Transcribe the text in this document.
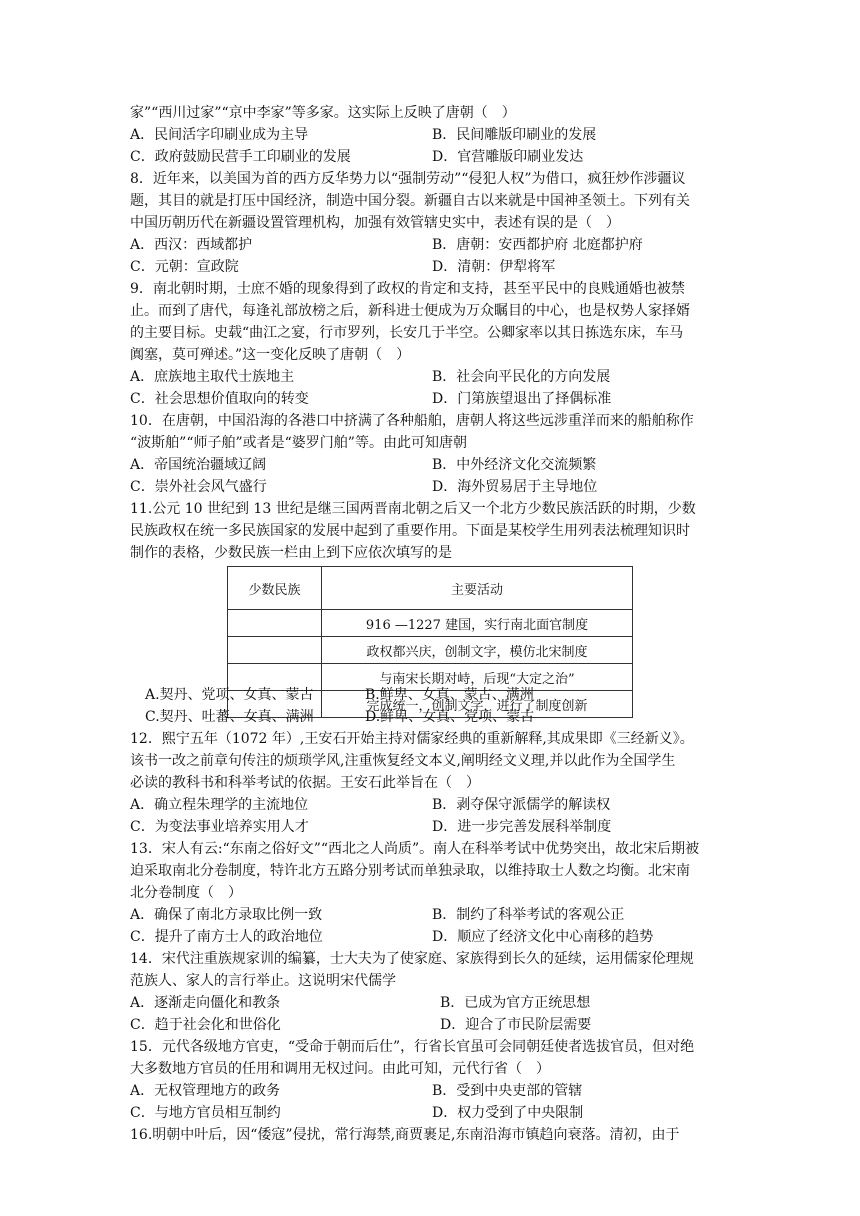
家”“西川过家”“京中李家”等多家。这实际上反映了唐朝（　）
A．民间活字印刷业成为主导	B．民间雕版印刷业的发展
C．政府鼓励民营手工印刷业的发展	D．官营雕版印刷业发达
8．近年来，以美国为首的西方反华势力以“强制劳动”“侵犯人权”为借口，疯狂炒作涉疆议
题，其目的就是打压中国经济，制造中国分裂。新疆自古以来就是中国神圣领土。下列有关
中国历朝历代在新疆设置管理机构，加强有效管辖史实中，表述有误的是（　）
A．西汉：西域都护	B．唐朝：安西都护府 北庭都护府
C．元朝：宣政院	D．清朝：伊犁将军
9．南北朝时期，士庶不婚的现象得到了政权的肯定和支持，甚至平民中的良贱通婚也被禁
止。而到了唐代，每逢礼部放榜之后，新科进士便成为万众瞩目的中心，也是权势人家择婿
的主要目标。史载“曲江之宴，行市罗列，长安几于半空。公卿家率以其日拣选东床，车马
阗塞，莫可殚述。”这一变化反映了唐朝（　）
A．庶族地主取代士族地主	B．社会向平民化的方向发展
C．社会思想价值取向的转变	D．门第族望退出了择偶标准
10．在唐朝，中国沿海的各港口中挤满了各种船舶，唐朝人将这些远涉重洋而来的船舶称作
“波斯舶”“师子舶”或者是“婆罗门舶”等。由此可知唐朝
A．帝国统治疆域辽阔	B．中外经济文化交流频繁
C．崇外社会风气盛行	D．海外贸易居于主导地位
11.公元 10 世纪到 13 世纪是继三国两晋南北朝之后又一个北方少数民族活跃的时期，少数
民族政权在统一多民族国家的发展中起到了重要作用。下面是某校学生用列表法梳理知识时
制作的表格，少数民族一栏由上到下应依次填写的是
少数民族	主要活动
	916 —1227 建国，实行南北面官制度
	政权都兴庆，创制文字，模仿北宋制度
	与南宋长期对峙，后现“大定之治”
	完成统一，创制文字，进行了制度创新
A.契丹、党项、女真、蒙古	B.鲜卑、女真、蒙古、满洲
C.契丹、吐蕃、女真、满洲	D.鲜卑、女真、党项、蒙古
12．熙宁五年（1072 年）,王安石开始主持对儒家经典的重新解释,其成果即《三经新义》。
该书一改之前章句传注的烦琐学风,注重恢复经文本义,阐明经文义理,并以此作为全国学生
必读的教科书和科举考试的依据。王安石此举旨在（　）
A．确立程朱理学的主流地位	B．剥夺保守派儒学的解读权
C．为变法事业培养实用人才	D．进一步完善发展科举制度
13．宋人有云:“东南之俗好文”“西北之人尚质”。南人在科举考试中优势突出，故北宋后期被
迫采取南北分卷制度，特许北方五路分别考试而单独录取，以维持取士人数之均衡。北宋南
北分卷制度（　）
A．确保了南北方录取比例一致	B．制约了科举考试的客观公正
C．提升了南方士人的政治地位	D．顺应了经济文化中心南移的趋势
14．宋代注重族规家训的编纂，士大夫为了使家庭、家族得到长久的延续，运用儒家伦理规
范族人、家人的言行举止。这说明宋代儒学
A．逐渐走向僵化和教条	B．已成为官方正统思想
C．趋于社会化和世俗化	D．迎合了市民阶层需要
15．元代各级地方官吏，“受命于朝而后仕”，行省长官虽可会同朝廷使者选拔官员，但对绝
大多数地方官员的任用和调用无权过问。由此可知，元代行省（　）
A．无权管理地方的政务	B．受到中央吏部的管辖
C．与地方官员相互制约	D．权力受到了中央限制
16.明朝中叶后，因“倭寇”侵扰，常行海禁,商贾裹足,东南沿海市镇趋向衰落。清初，由于
